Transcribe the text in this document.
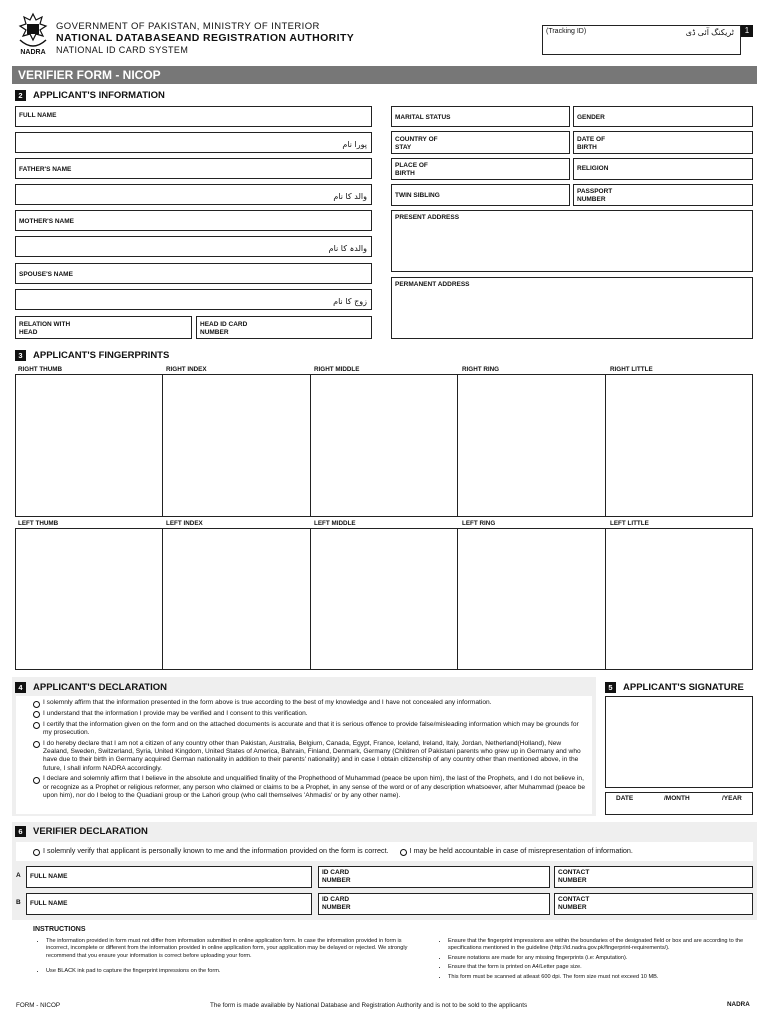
NADRA
GOVERNMENT OF PAKISTAN, MINISTRY OF INTERIOR
NATIONAL DATABASEAND REGISTRATION AUTHORITY
NATIONAL ID CARD SYSTEM
(Tracking ID)	ٹریکنگ آئی ڈی	1
VERIFIER FORM - NICOP
2	APPLICANT'S INFORMATION
FULL NAME
پورا نام
FATHER'S NAME
والد کا نام
MOTHER'S NAME
والدہ کا نام
SPOUSE'S NAME
زوج کا نام
RELATION WITH HEAD
HEAD ID CARD NUMBER
MARITAL STATUS	GENDER
COUNTRY OF STAY
DATE OF BIRTH
PLACE OF BIRTH
RELIGION
TWIN SIBLING
PASSPORT NUMBER
PRESENT ADDRESS
PERMANENT ADDRESS
3	APPLICANT'S FINGERPRINTS
RIGHT THUMB	RIGHT INDEX	RIGHT MIDDLE	RIGHT RING	RIGHT LITTLE
LEFT THUMB	LEFT INDEX	LEFT MIDDLE	LEFT RING	LEFT LITTLE
4	APPLICANT'S DECLARATION
I solemnly affirm that the information presented in the form above is true according to the best of my knowledge and I have not concealed any information.
I understand that the information I provide may be verified and I consent to this verification.
I certify that the information given on the form and on the attached documents is accurate and that it is serious offence to provide false/misleading information which may be grounds for my prosecution.
I do hereby declare that I am not a citizen of any country other than Pakistan, Australia, Belgium, Canada, Egypt, France, Iceland, Ireland, Italy, Jordan, Netherland(Holland), New Zealand, Sweden, Switzerland, Syria, United Kingdom, United States of America, Bahrain, Finland, Denmark, Germany (Children of Pakistani parents who grew up in Germany and who have due to their birth in Germany acquired German nationality in addition to their parents' nationality) and in case I obtain citizenship of any country other than mentioned above, in the future, I shall inform NADRA accordingly.
I declare and solemnly affirm that I believe in the absolute and unqualified finality of the Prophethood of Muhammad (peace be upon him), the last of the Prophets, and I do not believe in, or recognize as a Prophet or religious reformer, any person who claimed or claims to be a Prophet, in any sense of the word or of any description whatsoever, after Muhammad (peace be upon him), nor do I belog to the Quadiani group or the Lahori group (who call themselves 'Ahmadis' or by any other name).
5	APPLICANT'S SIGNATURE
DATE	/MONTH	/YEAR
6	VERIFIER DECLARATION
I solemnly verify that applicant is personally known to me and the information provided on the form is correct.	I may be held accountable in case of misrepresentation of information.
A FULL NAME
ID CARD NUMBER
CONTACT NUMBER
B FULL NAME
ID CARD NUMBER
CONTACT NUMBER
INSTRUCTIONS
• The information provided in form must not differ from information submitted in online application form. In case the information provided in form is incorrect, incomplete or different from the information provided in online application form, your application may be delayed or rejected. We strongly recommend that you ensure your information is correct before uploading your form.
• Use BLACK ink pad to capture the fingerprint impressions on the form.
• Ensure that the fingerprint impressions are within the boundaries of the designated field or box and are according to the specifications mentioned in the guideline (http://id.nadra.gov.pk/fingerprint-requirements/).
• Ensure notations are made for any missing fingerprints (i.e: Amputation).
• Ensure that the form is printed on A4/Letter page size.
• This form must be scanned at atleast 600 dpi. The form size must not exceed 10 MB.
FORM - NICOP	The form is made available by National Database and Registration Authority and is not to be sold to the applicants	NADRA
